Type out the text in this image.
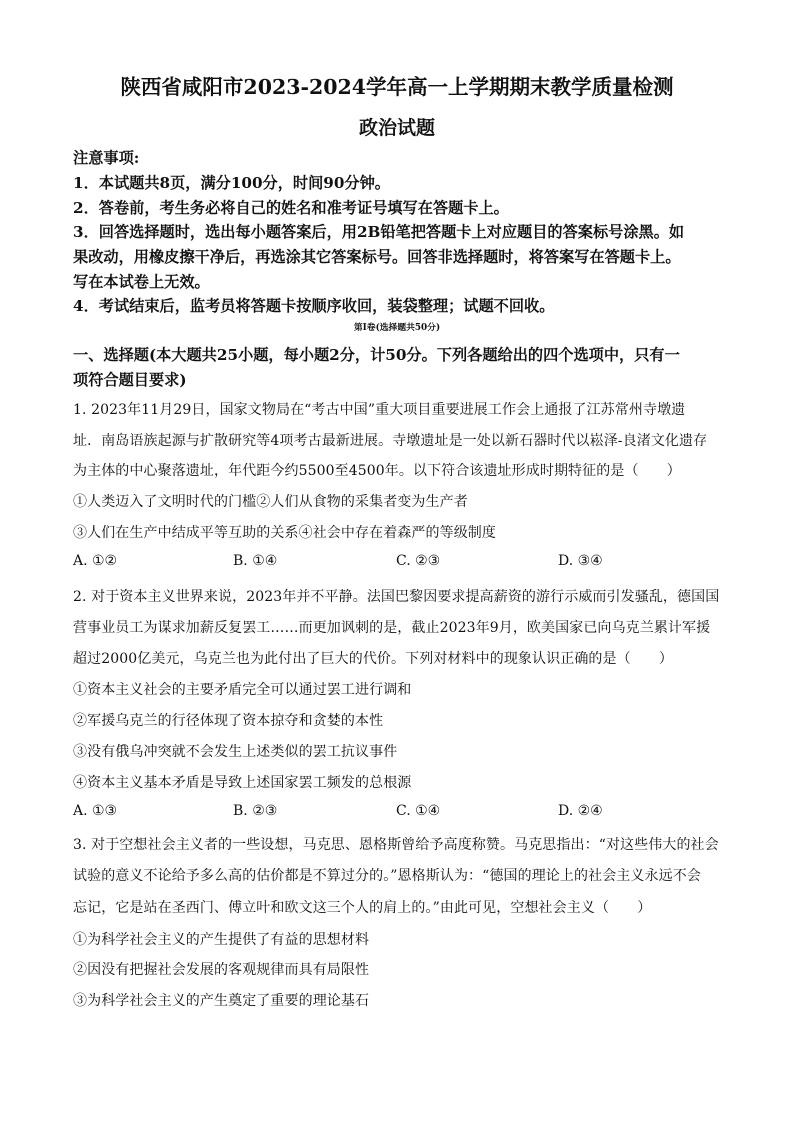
陕西省咸阳市2023-2024学年高一上学期期末教学质量检测
政治试题
注意事项:
1．本试题共8页，满分100分，时间90分钟。
2．答卷前，考生务必将自己的姓名和准考证号填写在答题卡上。
3．回答选择题时，选出每小题答案后，用2B铅笔把答题卡上对应题目的答案标号涂黑。如
果改动，用橡皮擦干净后，再选涂其它答案标号。回答非选择题时，将答案写在答题卡上。
写在本试卷上无效。
4．考试结束后，监考员将答题卡按顺序收回，装袋整理；试题不回收。
第Ⅰ卷(选择题共50分)
一、选择题(本大题共25小题，每小题2分，计50分。下列各题给出的四个选项中，只有一
项符合题目要求)
1. 2023年11月29日，国家文物局在“考古中国”重大项目重要进展工作会上通报了江苏常州寺墩遗
址．南岛语族起源与扩散研究等4项考古最新进展。寺墩遗址是一处以新石器时代以崧泽-良渚文化遗存
为主体的中心聚落遗址，年代距今约5500至4500年。以下符合该遗址形成时期特征的是（　　）
①人类迈入了文明时代的门槛②人们从食物的采集者变为生产者
③人们在生产中结成平等互助的关系④社会中存在着森严的等级制度
A. ①②	B. ①④	C. ②③	D. ③④
2. 对于资本主义世界来说，2023年并不平静。法国巴黎因要求提高薪资的游行示威而引发骚乱，德国国
营事业员工为谋求加薪反复罢工……而更加讽刺的是，截止2023年9月，欧美国家已向乌克兰累计军援
超过2000亿美元，乌克兰也为此付出了巨大的代价。下列对材料中的现象认识正确的是（　　）
①资本主义社会的主要矛盾完全可以通过罢工进行调和
②军援乌克兰的行径体现了资本掠夺和贪婪的本性
③没有俄乌冲突就不会发生上述类似的罢工抗议事件
④资本主义基本矛盾是导致上述国家罢工频发的总根源
A. ①③	B. ②③	C. ①④	D. ②④
3. 对于空想社会主义者的一些设想，马克思、恩格斯曾给予高度称赞。马克思指出：“对这些伟大的社会
试验的意义不论给予多么高的估价都是不算过分的。”恩格斯认为：“德国的理论上的社会主义永远不会
忘记，它是站在圣西门、傅立叶和欧文这三个人的肩上的。”由此可见，空想社会主义（　　）
①为科学社会主义的产生提供了有益的思想材料
②因没有把握社会发展的客观规律而具有局限性
③为科学社会主义的产生奠定了重要的理论基石
